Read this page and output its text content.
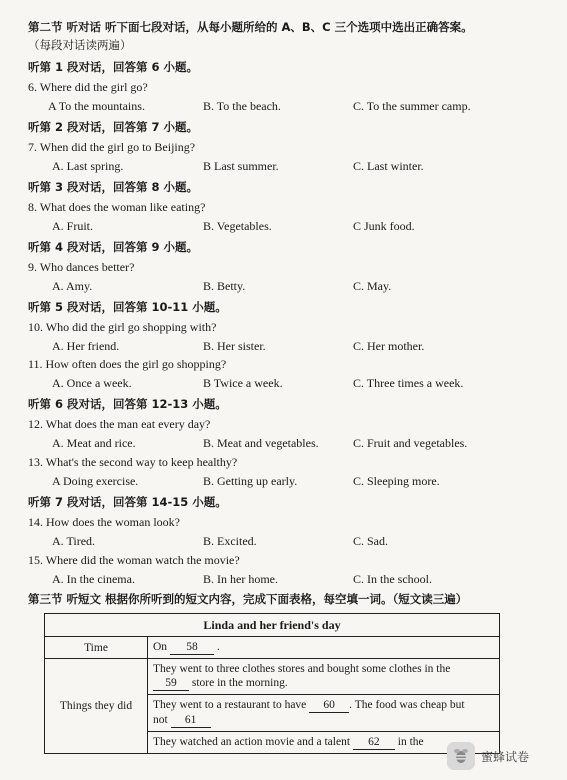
第二节 听对话 听下面七段对话，从每小题所给的 A、B、C 三个选项中选出正确答案。
（每段对话读两遍）
听第 1 段对话，回答第 6 小题。
6. Where did the girl go?
A To the mountains.	B. To the beach.	C. To the summer camp.
听第 2 段对话，回答第 7 小题。
7. When did the girl go to Beijing?
A. Last spring.	B Last summer.	C. Last winter.
听第 3 段对话，回答第 8 小题。
8. What does the woman like eating?
A. Fruit.	B. Vegetables.	C Junk food.
听第 4 段对话，回答第 9 小题。
9. Who dances better?
A. Amy.	B. Betty.	C. May.
听第 5 段对话，回答第 10-11 小题。
10. Who did the girl go shopping with?
A. Her friend.	B. Her sister.	C. Her mother.
11. How often does the girl go shopping?
A. Once a week.	B Twice a week.	C. Three times a week.
听第 6 段对话，回答第 12-13 小题。
12. What does the man eat every day?
A. Meat and rice.	B. Meat and vegetables.	C. Fruit and vegetables.
13. What's the second way to keep healthy?
A Doing exercise.	B. Getting up early.	C. Sleeping more.
听第 7 段对话，回答第 14-15 小题。
14. How does the woman look?
A. Tired.	B. Excited.	C. Sad.
15. Where did the woman watch the movie?
A. In the cinema.	B. In her home.	C. In the school.
第三节 听短文 根据你所听到的短文内容，完成下面表格，每空填一词。（短文读三遍）
Linda and her friend's day	
Time	On 58 .
Things they did	They went to three clothes stores and bought some clothes in the
59 store in the morning.
	They went to a restaurant to have 60 . The food was cheap but
not 61
	They watched an action movie and a talent 62 in the
蜜蜂试卷
